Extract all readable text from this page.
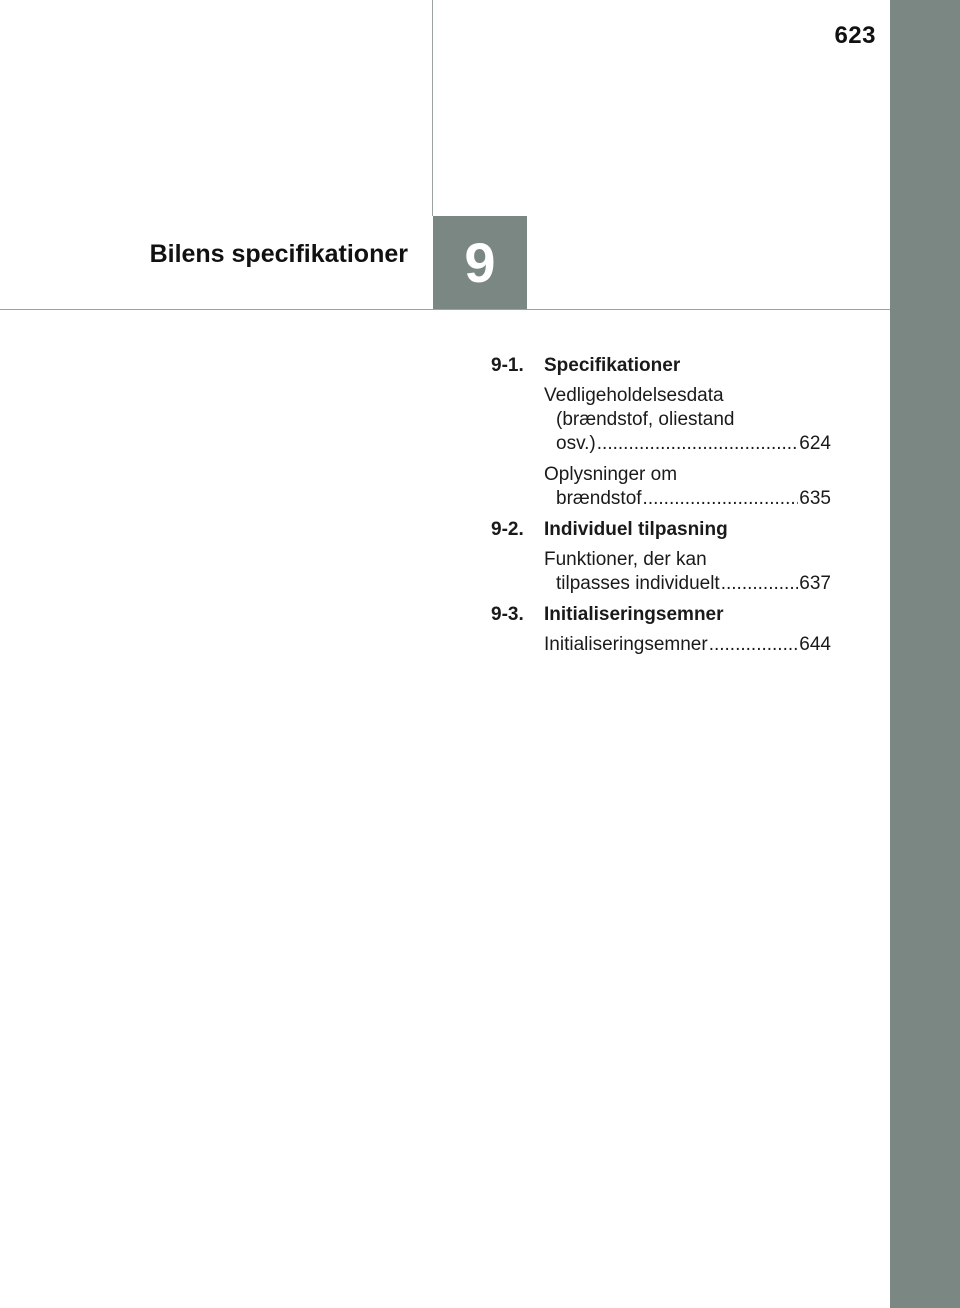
623
Bilens specifikationer 9
9-1.	Specifikationer
Vedligeholdelsesdata
(brændstof, oliestand
osv.) .....	624
Oplysninger om
brændstof .....	635
9-2.	Individuel tilpasning
Funktioner, der kan
tilpasses individuelt .....	637
9-3.	Initialiseringsemner
Initialiseringsemner .....	644
